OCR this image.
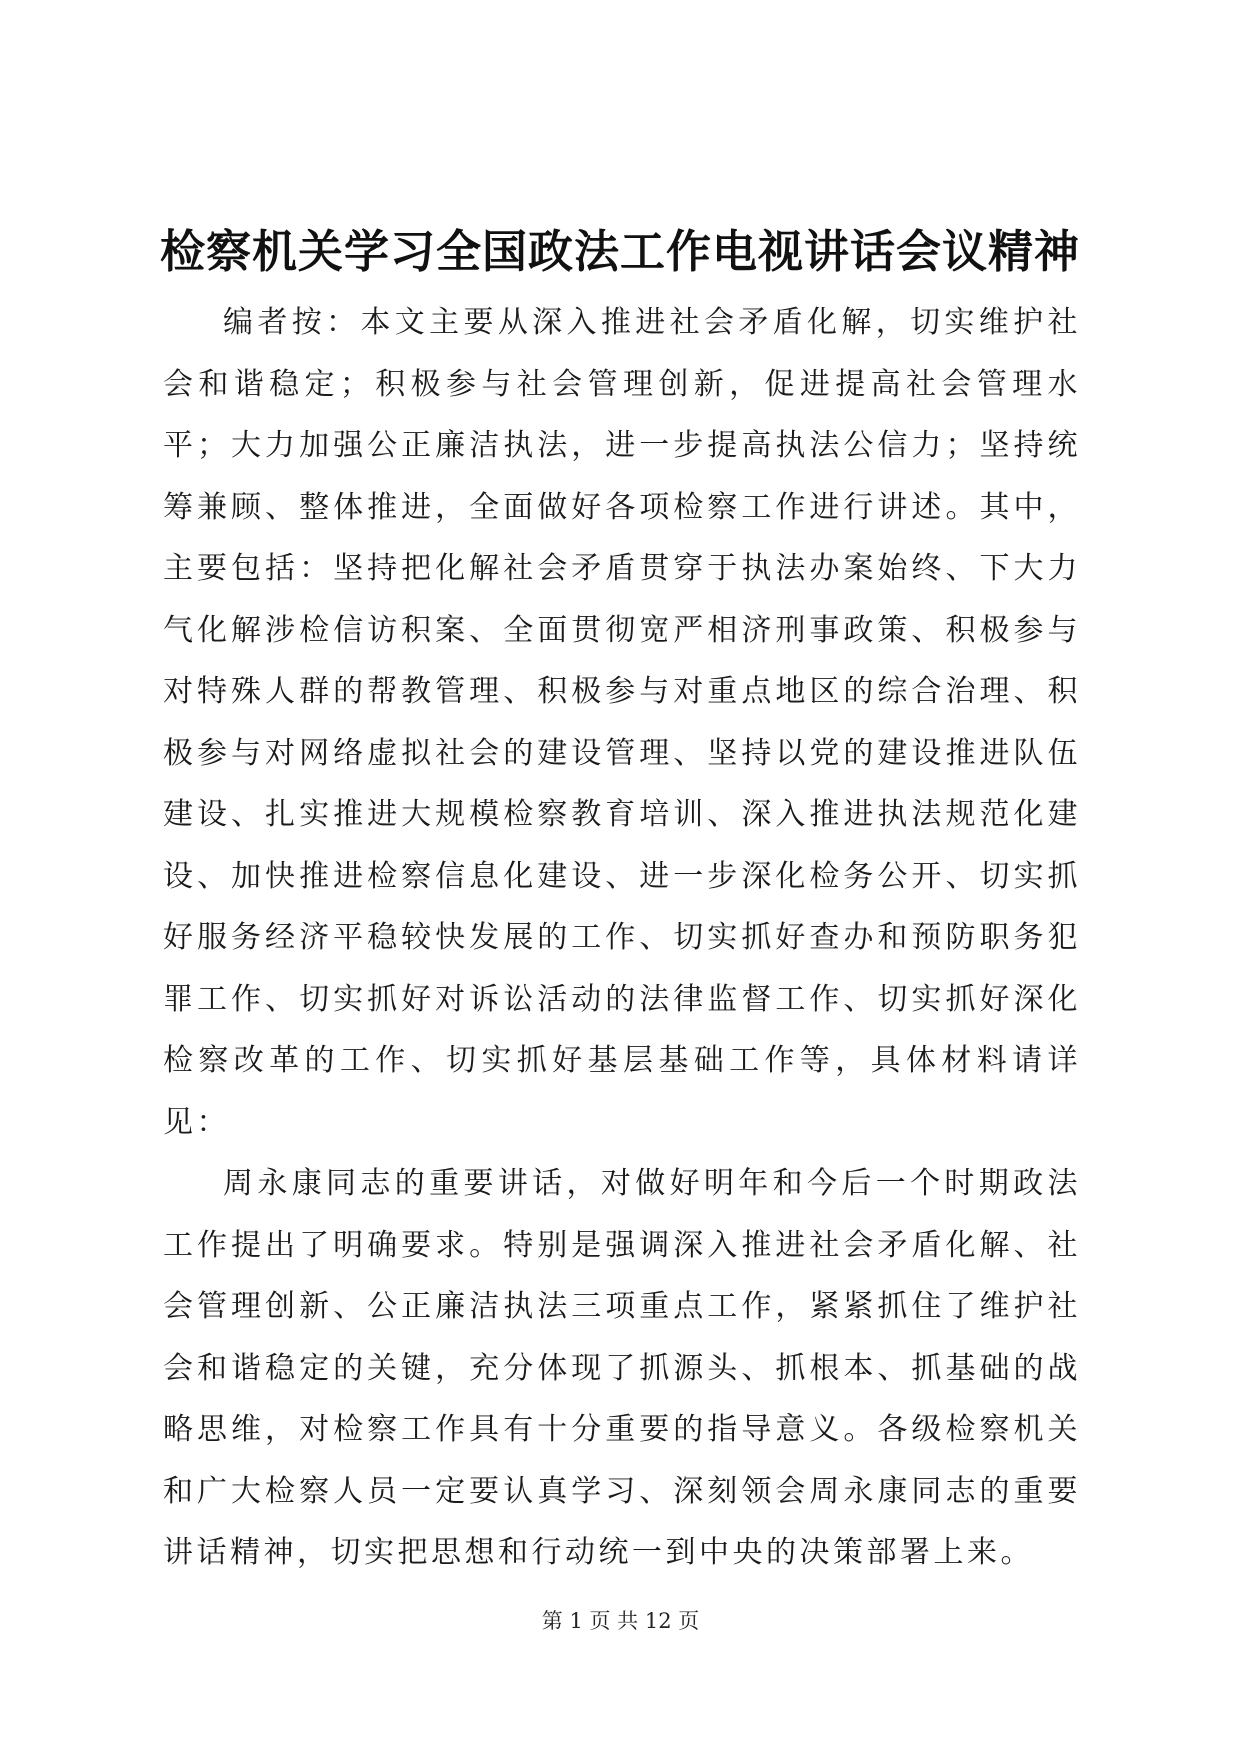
检察机关学习全国政法工作电视讲话会议精神

编者按：本文主要从深入推进社会矛盾化解，切实维护社会和谐稳定；积极参与社会管理创新，促进提高社会管理水平；大力加强公正廉洁执法，进一步提高执法公信力；坚持统筹兼顾、整体推进，全面做好各项检察工作进行讲述。其中，主要包括：坚持把化解社会矛盾贯穿于执法办案始终、下大力气化解涉检信访积案、全面贯彻宽严相济刑事政策、积极参与对特殊人群的帮教管理、积极参与对重点地区的综合治理、积极参与对网络虚拟社会的建设管理、坚持以党的建设推进队伍建设、扎实推进大规模检察教育培训、深入推进执法规范化建设、加快推进检察信息化建设、进一步深化检务公开、切实抓好服务经济平稳较快发展的工作、切实抓好查办和预防职务犯罪工作、切实抓好对诉讼活动的法律监督工作、切实抓好深化检察改革的工作、切实抓好基层基础工作等，具体材料请详见：

周永康同志的重要讲话，对做好明年和今后一个时期政法工作提出了明确要求。特别是强调深入推进社会矛盾化解、社会管理创新、公正廉洁执法三项重点工作，紧紧抓住了维护社会和谐稳定的关键，充分体现了抓源头、抓根本、抓基础的战略思维，对检察工作具有十分重要的指导意义。各级检察机关和广大检察人员一定要认真学习、深刻领会周永康同志的重要讲话精神，切实把思想和行动统一到中央的决策部署上来。

第 1 页 共 12 页
